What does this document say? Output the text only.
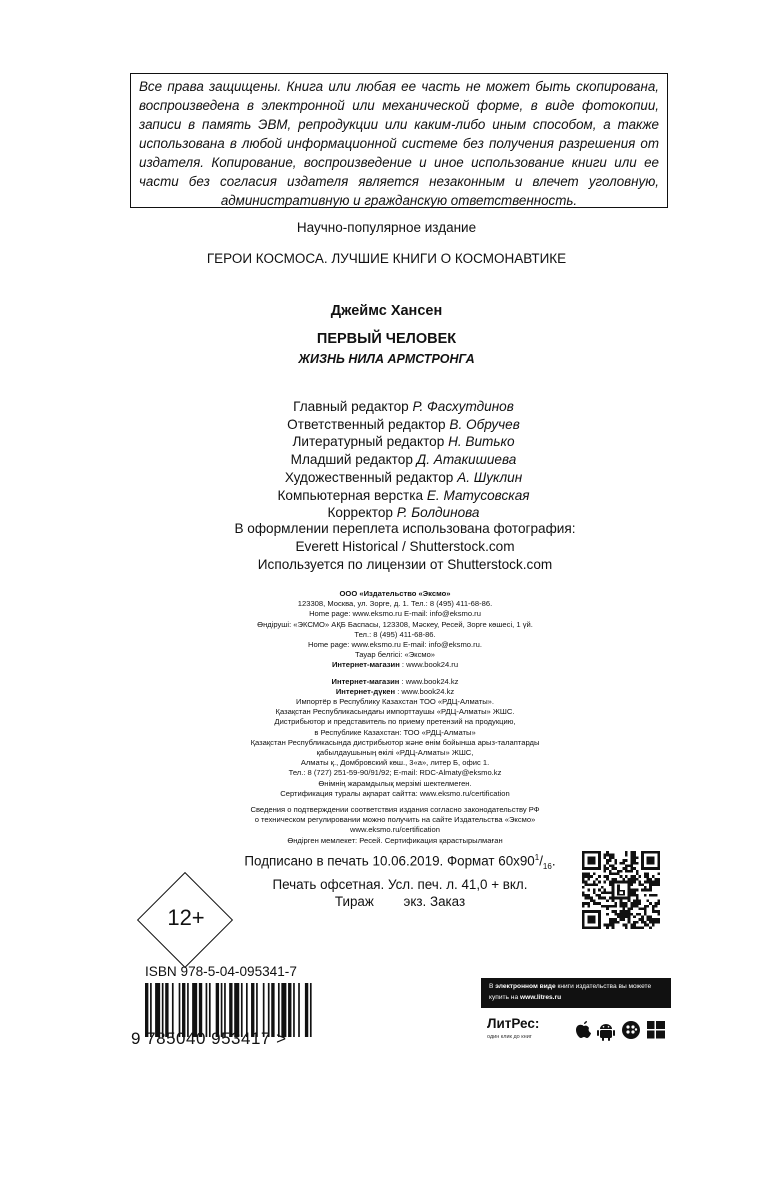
Все права защищены. Книга или любая ее часть не может быть скопирована, воспроизведена в электронной или механической форме, в виде фотокопии, записи в память ЭВМ, репродукции или каким-либо иным способом, а также использована в любой информационной системе без получения разрешения от издателя. Копирование, воспроизведение и иное использование книги или ее части без согласия издателя является незаконным и влечет уголовную, административную и гражданскую ответственность.
Научно-популярное издание
ГЕРОИ КОСМОСА. ЛУЧШИЕ КНИГИ О КОСМОНАВТИКЕ
Джеймс Хансен
ПЕРВЫЙ ЧЕЛОВЕК
ЖИЗНЬ НИЛА АРМСТРОНГА
Главный редактор Р. Фасхутдинов
Ответственный редактор В. Обручев
Литературный редактор Н. Витько
Младший редактор Д. Атакишиева
Художественный редактор А. Шуклин
Компьютерная верстка Е. Матусовская
Корректор Р. Болдинова
В оформлении переплета использована фотография:
Everett Historical / Shutterstock.com
Используется по лицензии от Shutterstock.com
ООО «Издательство «Эксмо»
123308, Москва, ул. Зорге, д. 1. Тел.: 8 (495) 411-68-86.
Home page: www.eksmo.ru E-mail: info@eksmo.ru
Өндіруші: «ЭКСМО» АҚБ Баспасы, 123308, Мәскеу, Ресей, Зорге көшесі, 1 үй.
Тел.: 8 (495) 411-68-86.
Home page: www.eksmo.ru E-mail: info@eksmo.ru.
Тауар белгісі: «Эксмо»
Интернет-магазин : www.book24.ru
Интернет-магазин : www.book24.kz
Интернет-дүкен : www.book24.kz
Импортёр в Республику Казахстан ТОО «РДЦ-Алматы».
Қазақстан Республикасындағы импорттаушы «РДЦ-Алматы» ЖШС.
Дистрибьютор и представитель по приему претензий на продукцию,
в Республике Казахстан: ТОО «РДЦ-Алматы»
Қазақстан Республикасында дистрибьютор және өнім бойынша арыз-талаптарды
қабылдаушының өкілі «РДЦ-Алматы» ЖШС,
Алматы қ., Домбровский көш., 3«а», литер Б, офис 1.
Тел.: 8 (727) 251-59-90/91/92; E-mail: RDC-Almaty@eksmo.kz
Өнімнің жарамдылық мерзімі шектелмеген.
Сертификация туралы ақпарат сайтта: www.eksmo.ru/certification
Сведения о подтверждении соответствия издания согласно законодательству РФ
о техническом регулировании можно получить на сайте Издательства «Эксмо»
www.eksmo.ru/certification
Өндірген мемлекет: Ресей. Сертификация қарастырылмаған
Подписано в печать 10.06.2019. Формат $60х90^1/_{16}$.
Печать офсетная. Усл. печ. л. 41,0 + вкл.
Тираж        экз. Заказ
12+
ISBN 978-5-04-095341-7
9 785040 953417 >
В электронном виде книги издательства вы можете
купить на www.litres.ru
ЛитРес:
один клик до книг
